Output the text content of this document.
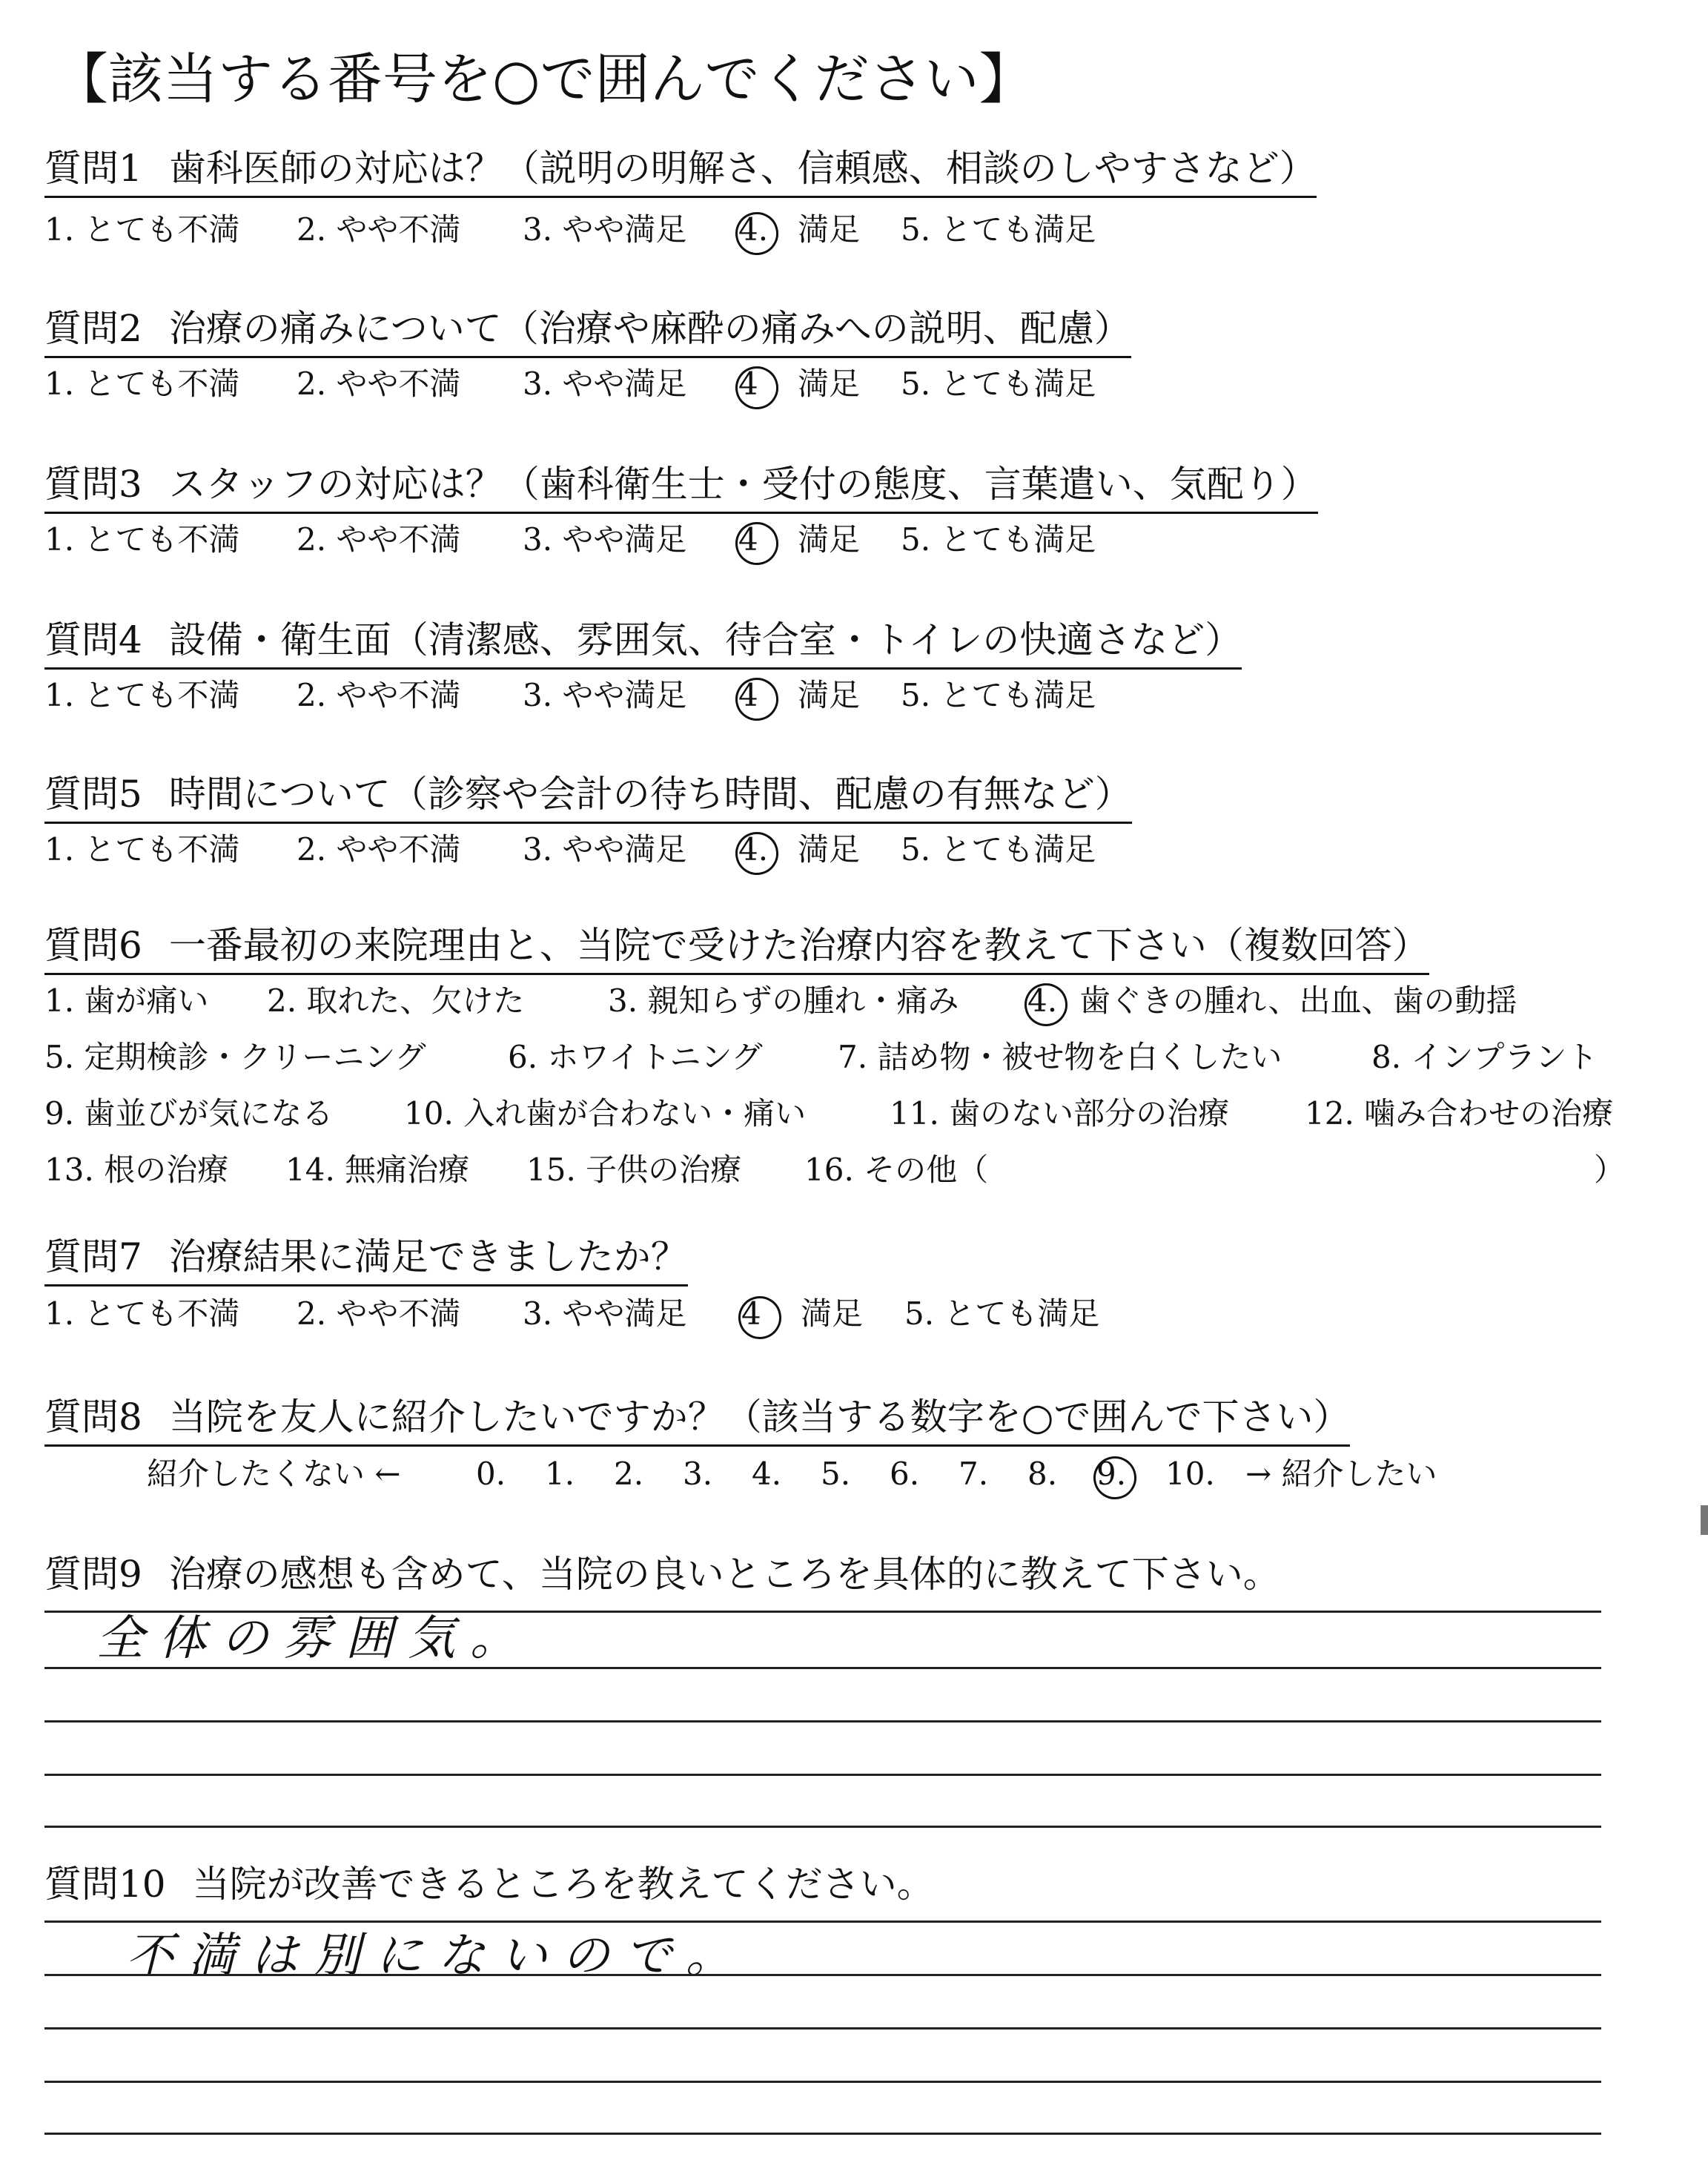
【該当する番号を○で囲んでください】
質問1 歯科医師の対応は？（説明の明解さ、信頼感、相談のしやすさなど）
1. とても不満 2. やや不満 3. やや満足 4. 満足 5. とても満足
質問2 治療の痛みについて（治療や麻酔の痛みへの説明、配慮）
1. とても不満 2. やや不満 3. やや満足 4 満足 5. とても満足
質問3 スタッフの対応は？（歯科衛生士・受付の態度、言葉遣い、気配り）
1. とても不満 2. やや不満 3. やや満足 4 満足 5. とても満足
質問4 設備・衛生面（清潔感、雰囲気、待合室・トイレの快適さなど）
1. とても不満 2. やや不満 3. やや満足 4 満足 5. とても満足
質問5 時間について（診察や会計の待ち時間、配慮の有無など）
1. とても不満 2. やや不満 3. やや満足 4. 満足 5. とても満足
質問6 一番最初の来院理由と、当院で受けた治療内容を教えて下さい（複数回答）
1. 歯が痛い 2. 取れた、欠けた	3. 親知らずの腫れ・痛み 4. 歯ぐきの腫れ、出血、歯の動揺
5. 定期検診・クリーニング	6. ホワイトニング 7. 詰め物・被せ物を白くしたい	8. インプラント
9. 歯並びが気になる 10. 入れ歯が合わない・痛い	11. 歯のない部分の治療 12. 噛み合わせの治療
13. 根の治療 14. 無痛治療 15. 子供の治療 16. その他（	）
質問7 治療結果に満足できましたか？
1. とても不満 2. やや不満 3. やや満足 4 満足 5. とても満足
質問8 当院を友人に紹介したいですか？（該当する数字を○で囲んで下さい）
紹介したくない ← 0. 1. 2. 3. 4. 5. 6. 7. 8. 9. 10. → 紹介したい
質問9 治療の感想も含めて、当院の良いところを具体的に教えて下さい。
全体の雰囲気。
質問10 当院が改善できるところを教えてください。
不満は別にないので。
